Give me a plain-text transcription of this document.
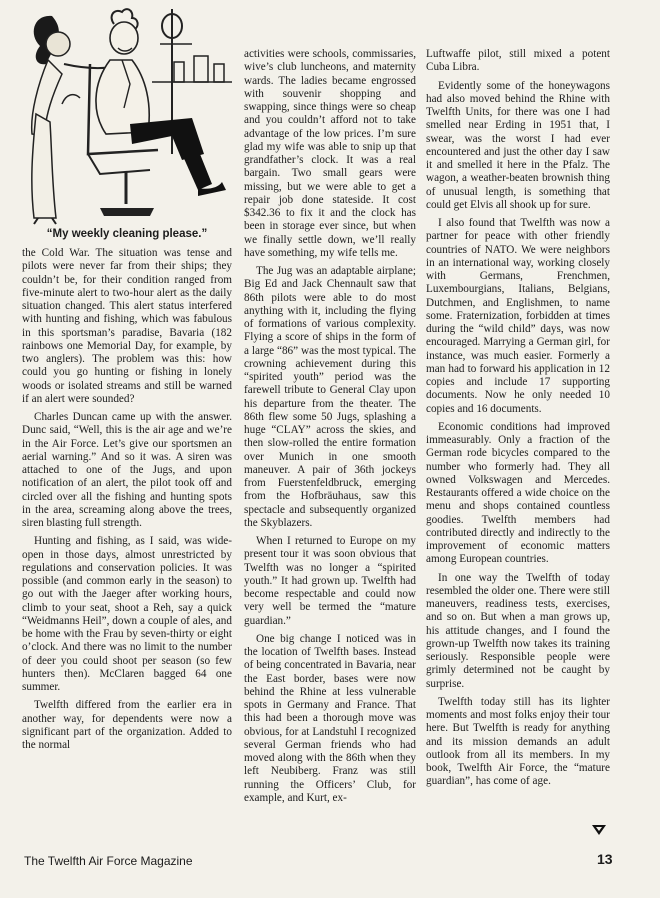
“My weekly cleaning please.”

the Cold War. The situation was tense and pilots were never far from their ships; they couldn’t be, for their condition ranged from five-minute alert to two-hour alert as the daily situation changed. This alert status interfered with hunting and fishing, which was fabulous in this sportsman’s paradise, Bavaria (182 rainbows one Memorial Day, for example, by two anglers). The problem was this: how could you go hunting or fishing in lonely woods or isolated streams and still be warned if an alert were sounded?

Charles Duncan came up with the answer. Dunc said, “Well, this is the air age and we’re in the Air Force. Let’s give our sportsmen an aerial warning.” And so it was. A siren was attached to one of the Jugs, and upon notification of an alert, the pilot took off and circled over all the fishing and hunting spots in the area, screaming along above the trees, siren blasting full strength.

Hunting and fishing, as I said, was wide-open in those days, almost unrestricted by regulations and conservation policies. It was possible (and common early in the season) to go out with the Jaeger after working hours, climb to your seat, shoot a Reh, say a quick “Weidmanns Heil”, down a couple of ales, and be home with the Frau by seven-thirty or eight o’clock. And there was no limit to the number of deer you could shoot per season (so few hunters then). McClaren bagged 64 one summer.

Twelfth differed from the earlier era in another way, for dependents were now a significant part of the organization. Added to the normal

activities were schools, commissaries, wive’s club luncheons, and maternity wards. The ladies became engrossed with souvenir shopping and swapping, since things were so cheap and you couldn’t afford not to take advantage of the low prices. I’m sure glad my wife was able to snip up that grandfather’s clock. It was a real bargain. Two small gears were missing, but we were able to get a repair job done stateside. It cost $342.36 to fix it and the clock has been in storage ever since, but when we finally settle down, we’ll really have something, my wife tells me.

The Jug was an adaptable airplane; Big Ed and Jack Chennault saw that 86th pilots were able to do most anything with it, including the flying of formations of various complexity. Flying a score of ships in the form of a large “86” was the most typical. The crowning achievement during this “spirited youth” period was the farewell tribute to General Clay upon his departure from the theater. The 86th flew some 50 Jugs, splashing a huge “CLAY” across the skies, and then slow-rolled the entire formation over Munich in one smooth maneuver. A pair of 36th jockeys from Fuerstenfeldbruck, emerging from the Hofbräuhaus, saw this spectacle and subsequently organized the Skyblazers.

When I returned to Europe on my present tour it was soon obvious that Twelfth was no longer a “spirited youth.” It had grown up. Twelfth had become respectable and could now very well be termed the “mature guardian.”

One big change I noticed was in the location of Twelfth bases. Instead of being concentrated in Bavaria, near the East border, bases were now behind the Rhine at less vulnerable spots in Germany and France. That this had been a thorough move was obvious, for at Landstuhl I recognized several German friends who had moved along with the 86th when they left Neubiberg. Franz was still running the Officers’ Club, for example, and Kurt, ex-

Luftwaffe pilot, still mixed a potent Cuba Libra.

Evidently some of the honeywagons had also moved behind the Rhine with Twelfth Units, for there was one I had smelled near Erding in 1951 that, I swear, was the worst I had ever encountered and just the other day I saw it and smelled it here in the Pfalz. The wagon, a weather-beaten brownish thing of unusual length, is something that could get Elvis all shook up for sure.

I also found that Twelfth was now a partner for peace with other friendly countries of NATO. We were neighbors in an international way, working closely with Germans, Frenchmen, Luxembourgians, Italians, Belgians, Dutchmen, and Englishmen, to name some. Fraternization, forbidden at times during the “wild child” days, was now encouraged. Marrying a German girl, for instance, was much easier. Formerly a man had to forward his application in 12 copies and include 17 supporting documents. Now he only needed 10 copies and 16 documents.

Economic conditions had improved immeasurably. Only a fraction of the German rode bicycles compared to the number who formerly had. They all owned Volkswagen and Mercedes. Restaurants offered a wide choice on the menu and shops contained countless goodies. Twelfth members had contributed directly and indirectly to the improvement of economic matters among European countries.

In one way the Twelfth of today resembled the older one. There were still maneuvers, readiness tests, exercises, and so on. But when a man grows up, his attitude changes, and I found the grown-up Twelfth now takes its training seriously. Responsible people were grimly determined not be caught by surprise.

Twelfth today still has its lighter moments and most folks enjoy their tour here. But Twelfth is ready for anything and its mission demands an adult outlook from all its members. In my book, Twelfth Air Force, the “mature guardian”, has come of age.

The Twelfth Air Force Magazine	13
